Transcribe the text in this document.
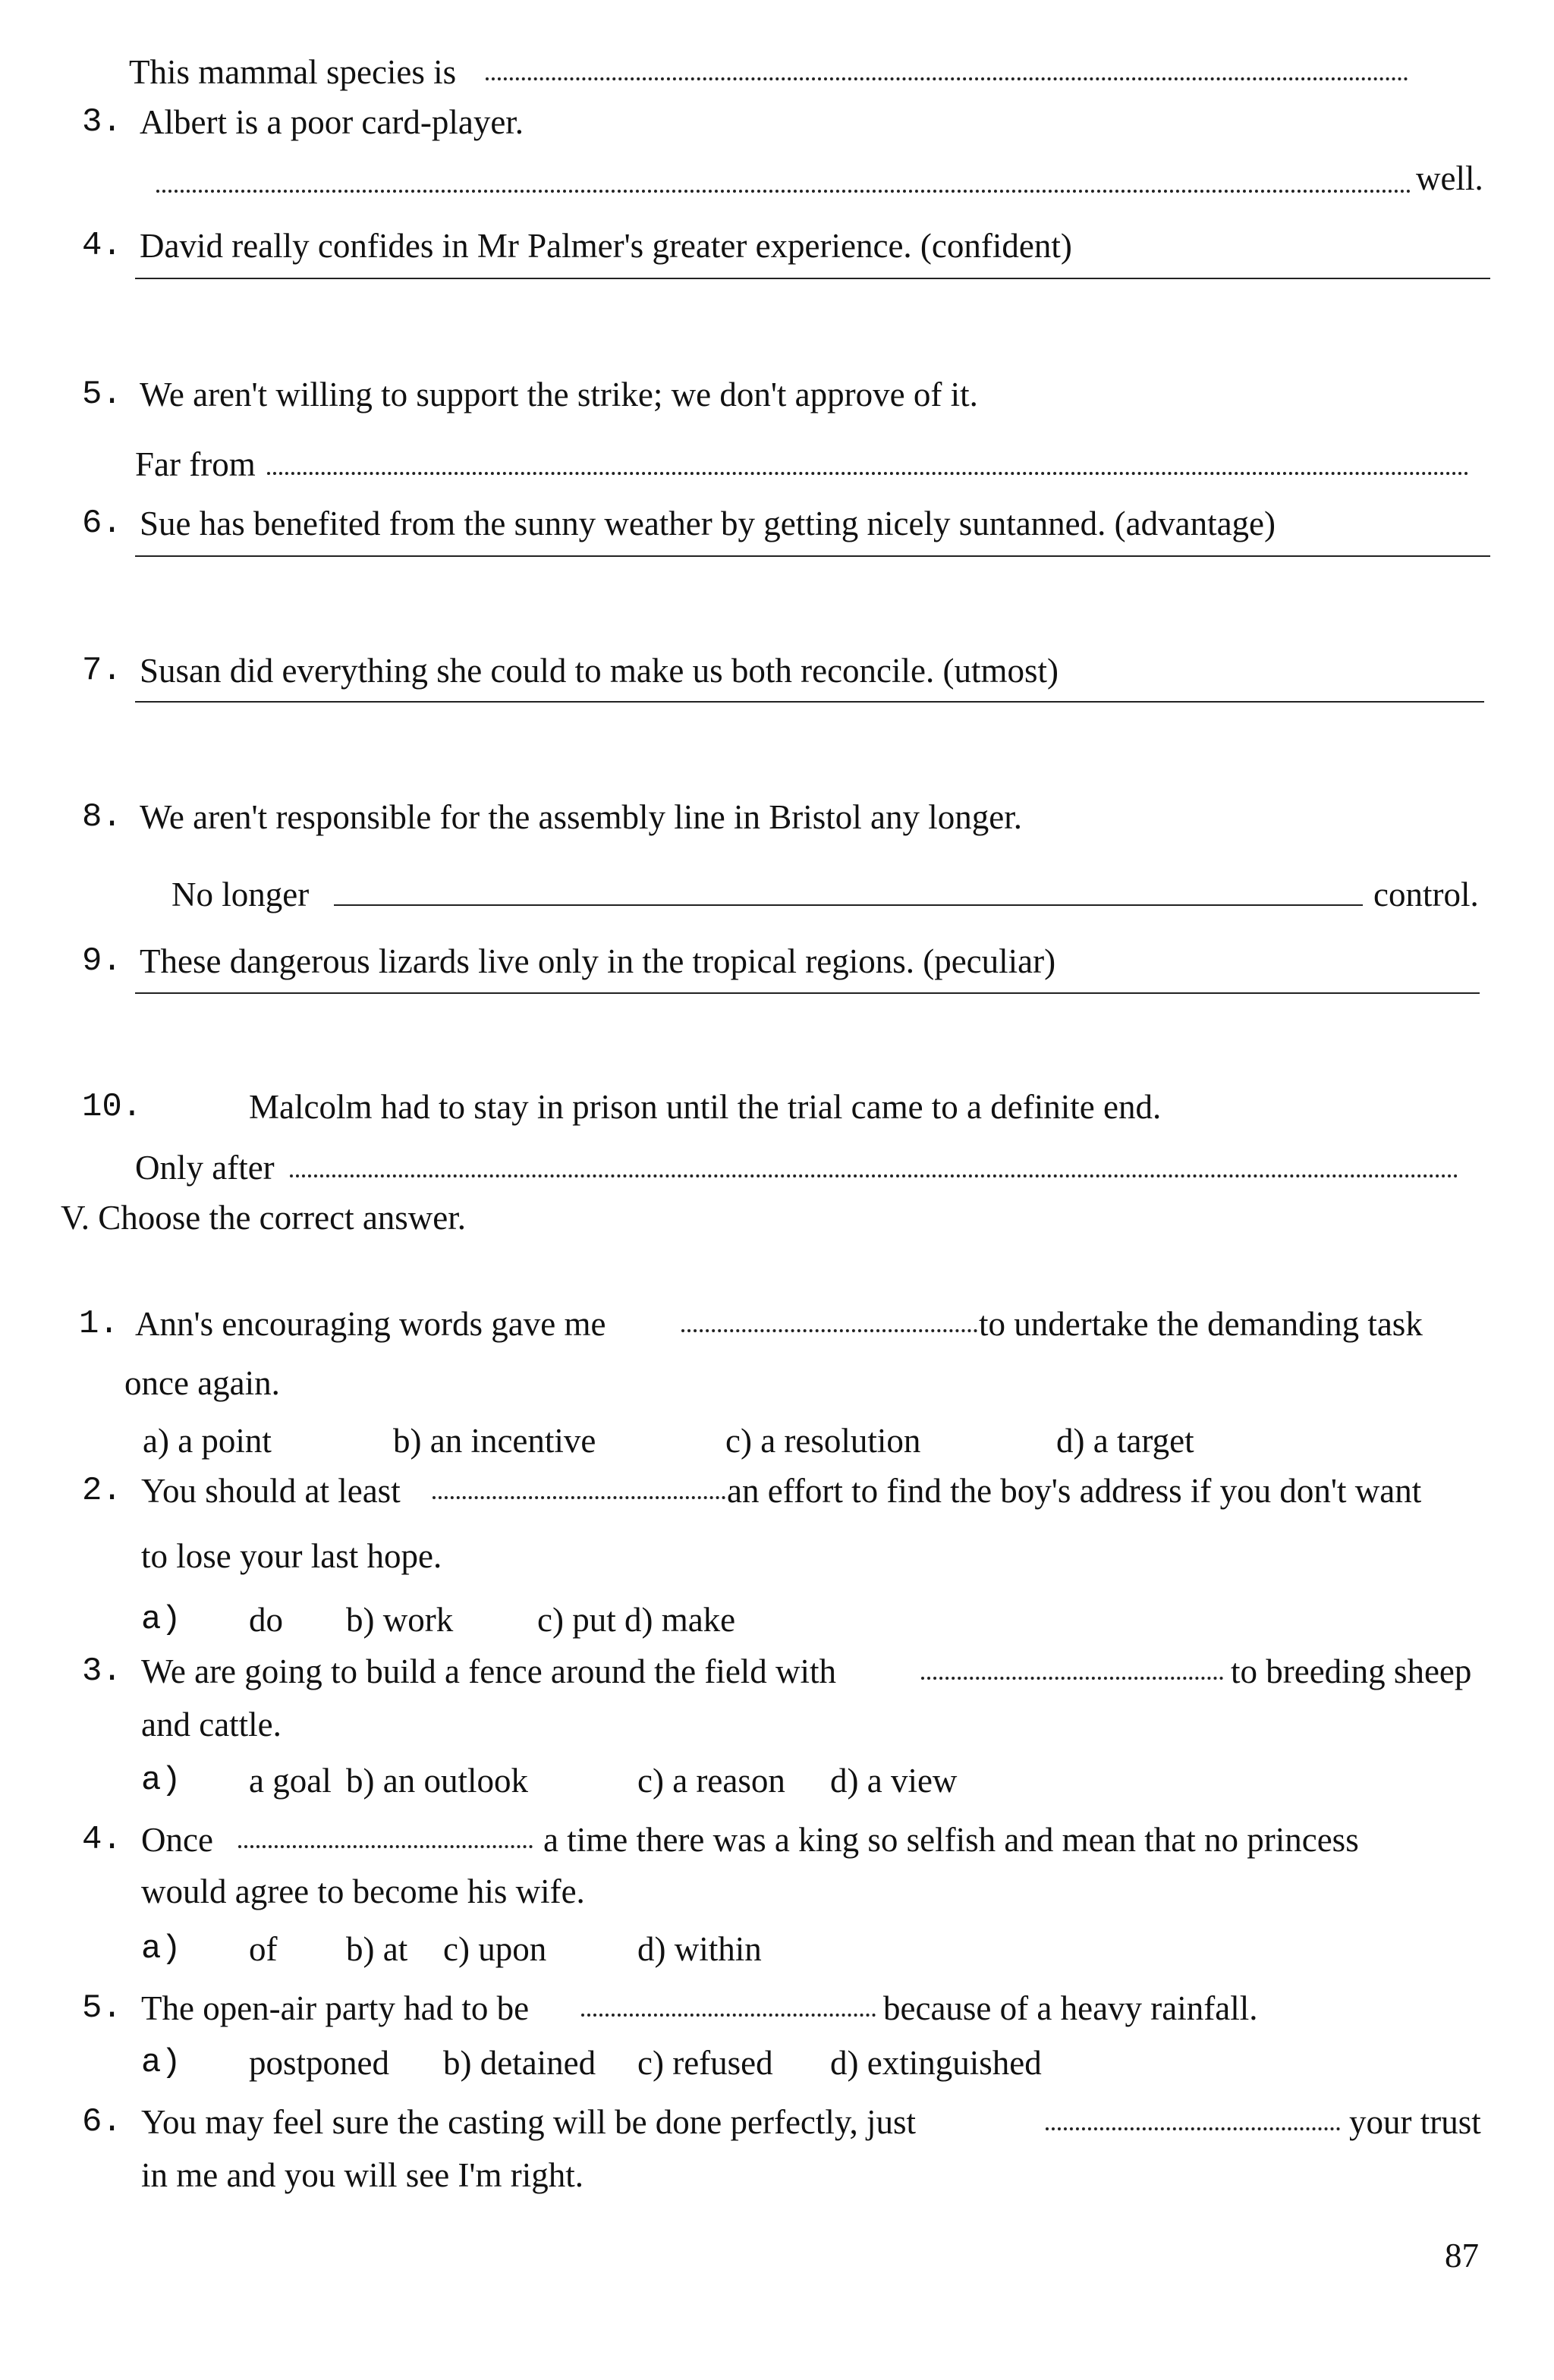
This mammal species is
3. Albert is a poor card-player.
well.
4. David really confides in Mr Palmer's greater experience. (confident)
5. We aren't willing to support the strike; we don't approve of it.
Far from
6. Sue has benefited from the sunny weather by getting nicely suntanned. (advantage)
7. Susan did everything she could to make us both reconcile. (utmost)
8. We aren't responsible for the assembly line in Bristol any longer.
No longer	control.
9. These dangerous lizards live only in the tropical regions. (peculiar)
10.	Malcolm had to stay in prison until the trial came to a definite end.
Only after
V. Choose the correct answer.
1. Ann's encouraging words gave me	to undertake the demanding task
once again.
a) a point	b) an incentive	c) a resolution	d) a target
2. You should at least	an effort to find the boy's address if you don't want
to lose your last hope.
a) do b) work c) put d) make
3. We are going to build a fence around the field with	to breeding sheep
and cattle.
a) a goal b) an outlook	c) a reason d) a view
4. Once	a time there was a king so selfish and mean that no princess
would agree to become his wife.
a) of b) at c) upon	d) within
5. The open-air party had to be	because of a heavy rainfall.
a) postponed b) detained c) refused d) extinguished
6. You may feel sure the casting will be done perfectly, just	your trust
in me and you will see I'm right.
87
